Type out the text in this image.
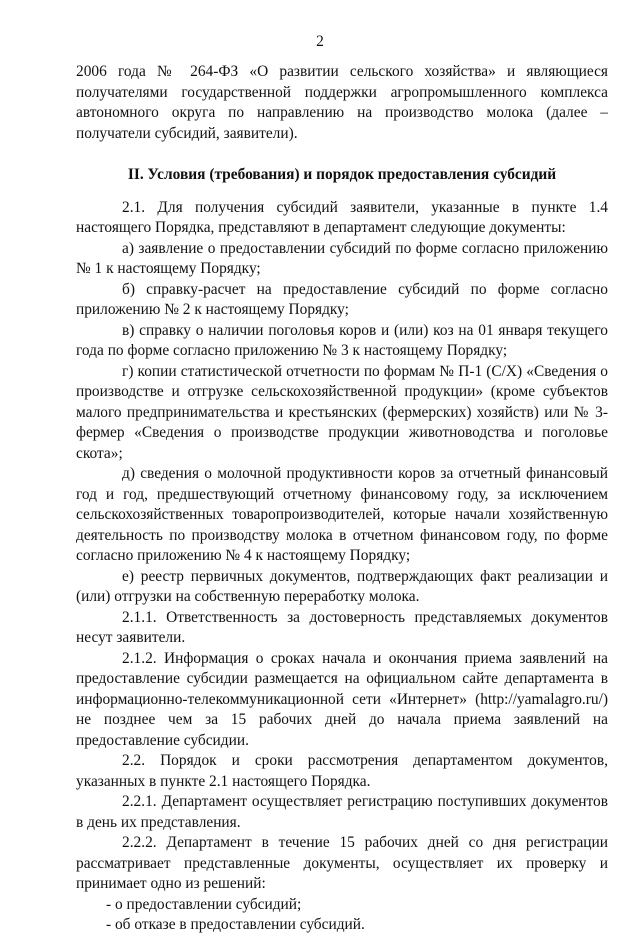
2

2006 года № 264-ФЗ «О развитии сельского хозяйства» и являющиеся получателями государственной поддержки агропромышленного комплекса автономного округа по направлению на производство молока (далее – получатели субсидий, заявители).

II. Условия (требования) и порядок предоставления субсидий

2.1. Для получения субсидий заявители, указанные в пункте 1.4 настоящего Порядка, представляют в департамент следующие документы:

а) заявление о предоставлении субсидий по форме согласно приложению № 1 к настоящему Порядку;

б) справку-расчет на предоставление субсидий по форме согласно приложению № 2 к настоящему Порядку;

в) справку о наличии поголовья коров и (или) коз на 01 января текущего года по форме согласно приложению № 3 к настоящему Порядку;

г) копии статистической отчетности по формам № П-1 (С/Х) «Сведения о производстве и отгрузке сельскохозяйственной продукции» (кроме субъектов малого предпринимательства и крестьянских (фермерских) хозяйств) или № 3-фермер «Сведения о производстве продукции животноводства и поголовье скота»;

д) сведения о молочной продуктивности коров за отчетный финансовый год и год, предшествующий отчетному финансовому году, за исключением сельскохозяйственных товаропроизводителей, которые начали хозяйственную деятельность по производству молока в отчетном финансовом году, по форме согласно приложению № 4 к настоящему Порядку;

е) реестр первичных документов, подтверждающих факт реализации и (или) отгрузки на собственную переработку молока.

2.1.1. Ответственность за достоверность представляемых документов несут заявители.

2.1.2. Информация о сроках начала и окончания приема заявлений на предоставление субсидии размещается на официальном сайте департамента в информационно-телекоммуникационной сети «Интернет» (http://yamalagro.ru/) не позднее чем за 15 рабочих дней до начала приема заявлений на предоставление субсидии.

2.2. Порядок и сроки рассмотрения департаментом документов, указанных в пункте 2.1 настоящего Порядка.

2.2.1. Департамент осуществляет регистрацию поступивших документов в день их представления.

2.2.2. Департамент в течение 15 рабочих дней со дня регистрации рассматривает представленные документы, осуществляет их проверку и принимает одно из решений:

- о предоставлении субсидий;

- об отказе в предоставлении субсидий.
